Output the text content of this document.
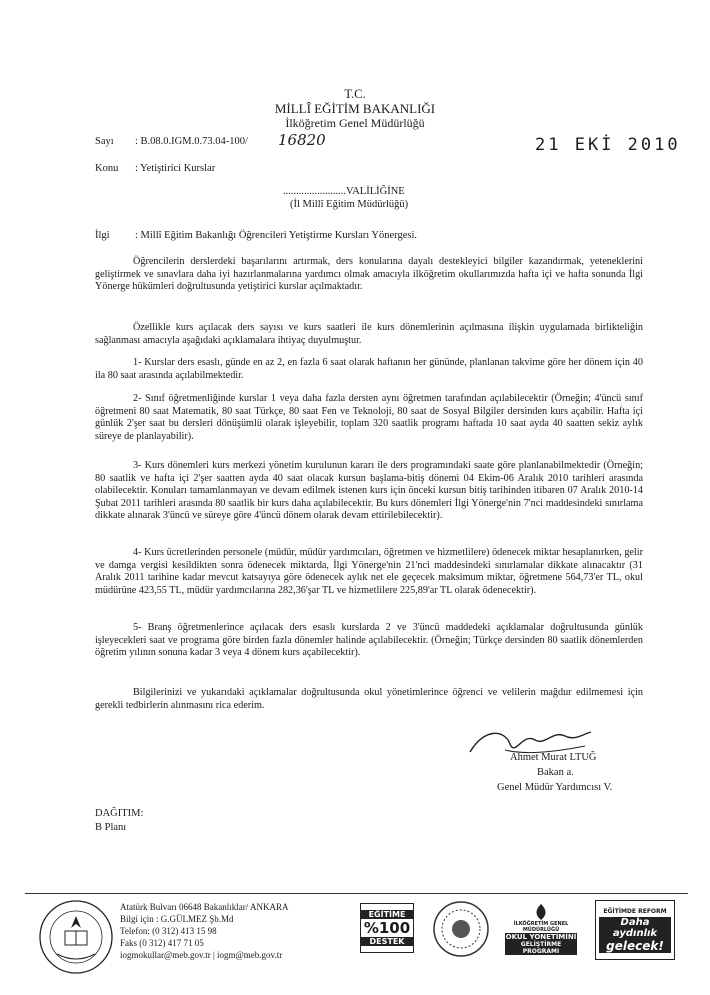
T.C.
MİLLÎ EĞİTİM BAKANLIĞI
İlköğretim Genel Müdürlüğü
Sayı : B.08.0.IGM.0.73.04-100/ 16820	21 EKİ 2010
Konu : Yetiştirici Kurslar
........................VALİLİĞİNE
(İl Millî Eğitim Müdürlüğü)
İlgi : Millî Eğitim Bakanlığı Öğrencileri Yetiştirme Kursları Yönergesi.

Öğrencilerin derslerdeki başarılarını artırmak, ders konularına dayalı destekleyici bilgiler kazandırmak, yeteneklerini geliştirmek ve sınavlara daha iyi hazırlanmalarına yardımcı olmak amacıyla ilköğretim okullarımızda hafta içi ve hafta sonunda İlgi Yönerge hükümleri doğrultusunda yetiştirici kurslar açılmaktadır.

Özellikle kurs açılacak ders sayısı ve kurs saatleri ile kurs dönemlerinin açılmasına ilişkin uygulamada birlikteliğin sağlanması amacıyla aşağıdaki açıklamalara ihtiyaç duyulmuştur.

1- Kurslar ders esaslı, günde en az 2, en fazla 6 saat olarak haftanın her gününde, planlanan takvime göre her dönem için 40 ila 80 saat arasında açılabilmektedir.

2- Sınıf öğretmenliğinde kurslar 1 veya daha fazla dersten aynı öğretmen tarafından açılabilecektir (Örneğin; 4'üncü sınıf öğretmeni 80 saat Matematik, 80 saat Türkçe, 80 saat Fen ve Teknoloji, 80 saat de Sosyal Bilgiler dersinden kurs açabilir. Hafta içi günlük 2'şer saat bu dersleri dönüşümlü olarak işleyebilir, toplam 320 saatlik programı haftada 10 saat ayda 40 saatten sekiz aylık süreye de planlayabilir).

3- Kurs dönemleri kurs merkezi yönetim kurulunun kararı ile ders programındaki saate göre planlanabilmektedir (Örneğin; 80 saatlik ve hafta içi 2'şer saatten ayda 40 saat olacak kursun başlama-bitiş dönemi 04 Ekim-06 Aralık 2010 tarihleri arasında olabilecektir. Konuları tamamlanmayan ve devam edilmek istenen kurs için önceki kursun bitiş tarihinden itibaren 07 Aralık 2010-14 Şubat 2011 tarihleri arasında 80 saatlik bir kurs daha açılabilecektir. Bu kurs dönemleri İlgi Yönerge'nin 7'nci maddesindeki sınırlama dikkate alınarak 3'üncü ve süreye göre 4'üncü dönem olarak devam ettirilebilecektir).

4- Kurs ücretlerinden personele (müdür, müdür yardımcıları, öğretmen ve hizmetlilere) ödenecek miktar hesaplanırken, gelir ve damga vergisi kesildikten sonra ödenecek miktarda, İlgi Yönerge'nin 21'nci maddesindeki sınırlamalar dikkate alınacaktır (31 Aralık 2011 tarihine kadar mevcut katsayıya göre ödenecek aylık net ele geçecek maksimum miktar, öğretmene 564,73'er TL, okul müdürüne 423,55 TL, müdür yardımcılarına 282,36'şar TL ve hizmetlilere 225,89'ar TL olarak ödenecektir).

5- Branş öğretmenlerince açılacak ders esaslı kurslarda 2 ve 3'üncü maddedeki açıklamalar doğrultusunda günlük işleyecekleri saat ve programa göre birden fazla dönemler halinde açılabilecektir. (Örneğin; Türkçe dersinden 80 saatlik dönemlerden öğretim yılının sonuna kadar 3 veya 4 dönem kurs açabilecektir).

Bilgilerinizi ve yukarıdaki açıklamalar doğrultusunda okul yönetimlerince öğrenci ve velilerin mağdur edilmemesi için gerekli tedbirlerin alınmasını rica ederim.

Ahmet Murat LTUĞ
Bakan a.
Genel Müdür Yardımcısı V.
DAĞITIM:
B Planı
Atatürk Bulvarı 06648 Bakanlıklar/ ANKARA
Bilgi için : G.GÜLMEZ Şb.Md
Telefon: (0 312) 413 15 98
Faks (0 312) 417 71 05
iogmokullar@meb.gov.tr | iogm@meb.gov.tr
EĞİTİME
%100
DESTEK
İLKÖĞRETİM GENEL MÜDÜRLÜĞÜ
OKUL YÖNETİMİNİ
GELİŞTİRME PROGRAMI
EĞİTİMDE REFORM
Daha aydınlık
gelecek!
